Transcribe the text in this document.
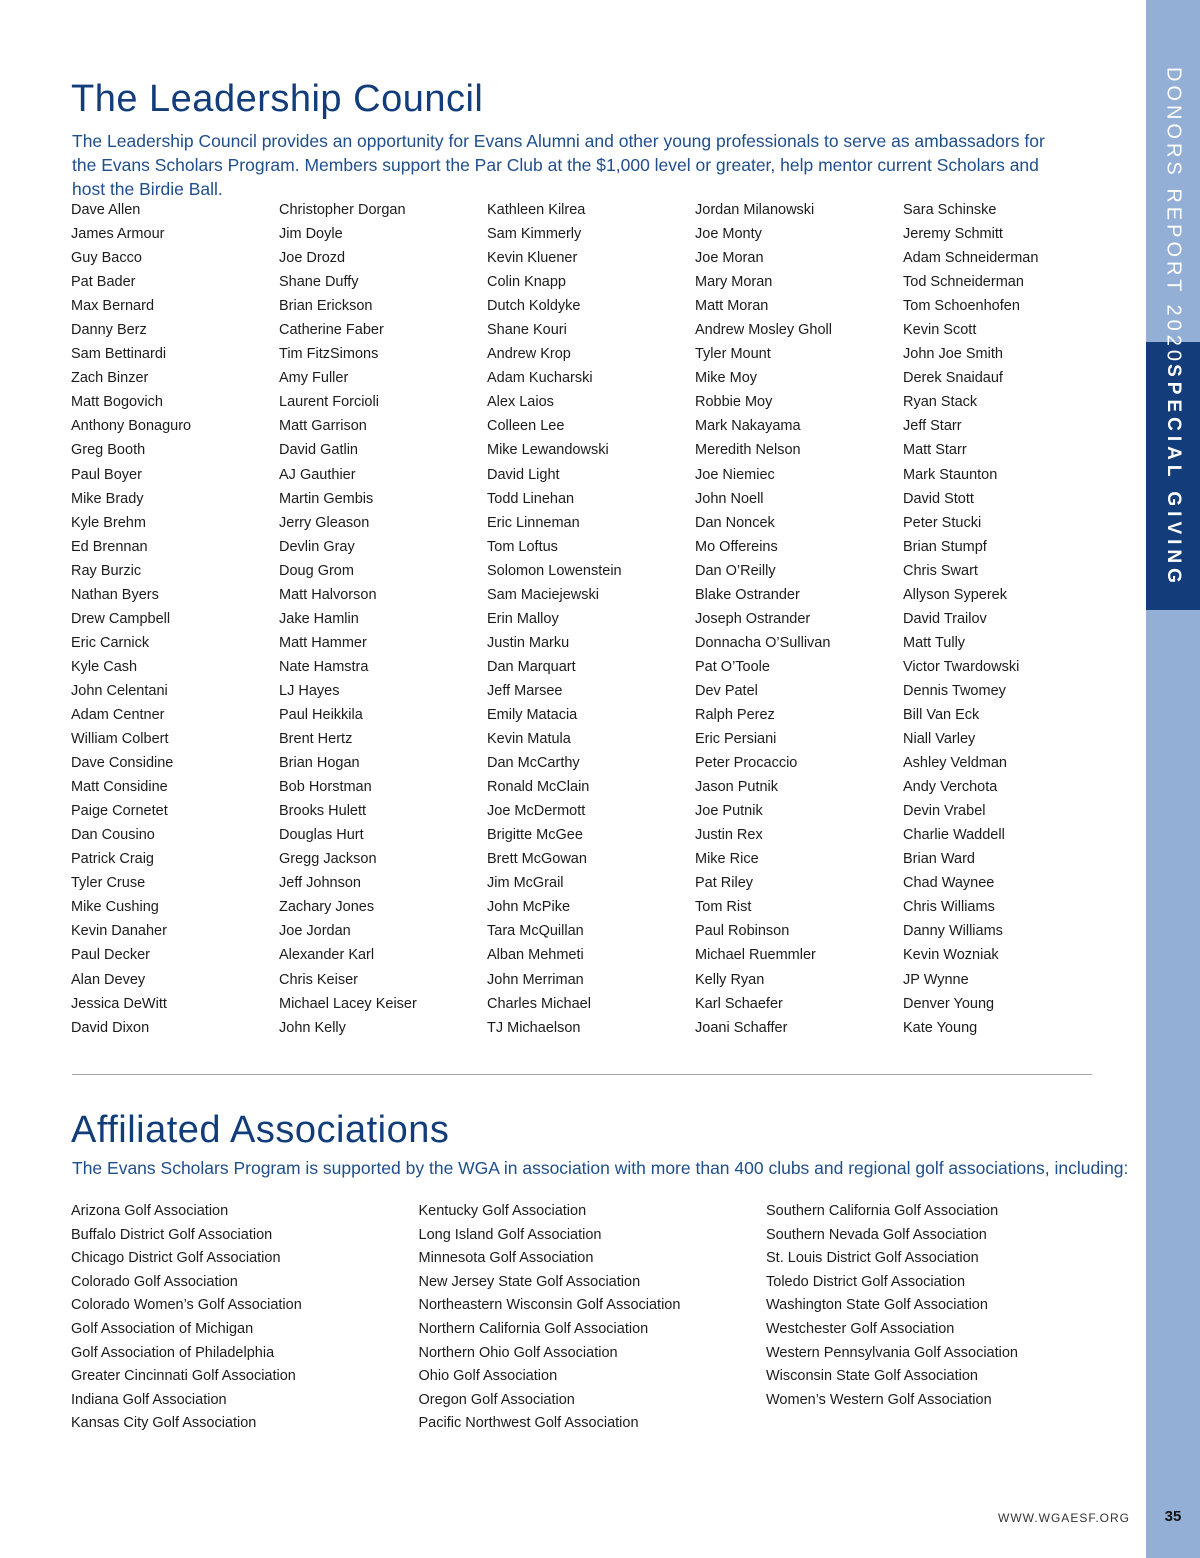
DONORS REPORT 2020
SPECIAL GIVING
The Leadership Council

The Leadership Council provides an opportunity for Evans Alumni and other young professionals to serve as ambassadors for the Evans Scholars Program. Members support the Par Club at the $1,000 level or greater, help mentor current Scholars and host the Birdie Ball.

Dave Allen
James Armour
Guy Bacco
Pat Bader
Max Bernard
Danny Berz
Sam Bettinardi
Zach Binzer
Matt Bogovich
Anthony Bonaguro
Greg Booth
Paul Boyer
Mike Brady
Kyle Brehm
Ed Brennan
Ray Burzic
Nathan Byers
Drew Campbell
Eric Carnick
Kyle Cash
John Celentani
Adam Centner
William Colbert
Dave Considine
Matt Considine
Paige Cornetet
Dan Cousino
Patrick Craig
Tyler Cruse
Mike Cushing
Kevin Danaher
Paul Decker
Alan Devey
Jessica DeWitt
David Dixon
Christopher Dorgan
Jim Doyle
Joe Drozd
Shane Duffy
Brian Erickson
Catherine Faber
Tim FitzSimons
Amy Fuller
Laurent Forcioli
Matt Garrison
David Gatlin
AJ Gauthier
Martin Gembis
Jerry Gleason
Devlin Gray
Doug Grom
Matt Halvorson
Jake Hamlin
Matt Hammer
Nate Hamstra
LJ Hayes
Paul Heikkila
Brent Hertz
Brian Hogan
Bob Horstman
Brooks Hulett
Douglas Hurt
Gregg Jackson
Jeff Johnson
Zachary Jones
Joe Jordan
Alexander Karl
Chris Keiser
Michael Lacey Keiser
John Kelly
Kathleen Kilrea
Sam Kimmerly
Kevin Kluener
Colin Knapp
Dutch Koldyke
Shane Kouri
Andrew Krop
Adam Kucharski
Alex Laios
Colleen Lee
Mike Lewandowski
David Light
Todd Linehan
Eric Linneman
Tom Loftus
Solomon Lowenstein
Sam Maciejewski
Erin Malloy
Justin Marku
Dan Marquart
Jeff Marsee
Emily Matacia
Kevin Matula
Dan McCarthy
Ronald McClain
Joe McDermott
Brigitte McGee
Brett McGowan
Jim McGrail
John McPike
Tara McQuillan
Alban Mehmeti
John Merriman
Charles Michael
TJ Michaelson
Jordan Milanowski
Joe Monty
Joe Moran
Mary Moran
Matt Moran
Andrew Mosley Gholl
Tyler Mount
Mike Moy
Robbie Moy
Mark Nakayama
Meredith Nelson
Joe Niemiec
John Noell
Dan Noncek
Mo Offereins
Dan O’Reilly
Blake Ostrander
Joseph Ostrander
Donnacha O’Sullivan
Pat O’Toole
Dev Patel
Ralph Perez
Eric Persiani
Peter Procaccio
Jason Putnik
Joe Putnik
Justin Rex
Mike Rice
Pat Riley
Tom Rist
Paul Robinson
Michael Ruemmler
Kelly Ryan
Karl Schaefer
Joani Schaffer
Sara Schinske
Jeremy Schmitt
Adam Schneiderman
Tod Schneiderman
Tom Schoenhofen
Kevin Scott
John Joe Smith
Derek Snaidauf
Ryan Stack
Jeff Starr
Matt Starr
Mark Staunton
David Stott
Peter Stucki
Brian Stumpf
Chris Swart
Allyson Syperek
David Trailov
Matt Tully
Victor Twardowski
Dennis Twomey
Bill Van Eck
Niall Varley
Ashley Veldman
Andy Verchota
Devin Vrabel
Charlie Waddell
Brian Ward
Chad Waynee
Chris Williams
Danny Williams
Kevin Wozniak
JP Wynne
Denver Young
Kate Young
Affiliated Associations

The Evans Scholars Program is supported by the WGA in association with more than 400 clubs and regional golf associations, including:

Arizona Golf Association
Buffalo District Golf Association
Chicago District Golf Association
Colorado Golf Association
Colorado Women’s Golf Association
Golf Association of Michigan
Golf Association of Philadelphia
Greater Cincinnati Golf Association
Indiana Golf Association
Kansas City Golf Association
Kentucky Golf Association
Long Island Golf Association
Minnesota Golf Association
New Jersey State Golf Association
Northeastern Wisconsin Golf Association
Northern California Golf Association
Northern Ohio Golf Association
Ohio Golf Association
Oregon Golf Association
Pacific Northwest Golf Association
Southern California Golf Association
Southern Nevada Golf Association
St. Louis District Golf Association
Toledo District Golf Association
Washington State Golf Association
Westchester Golf Association
Western Pennsylvania Golf Association
Wisconsin State Golf Association
Women’s Western Golf Association
WWW.WGAESF.ORG	35
